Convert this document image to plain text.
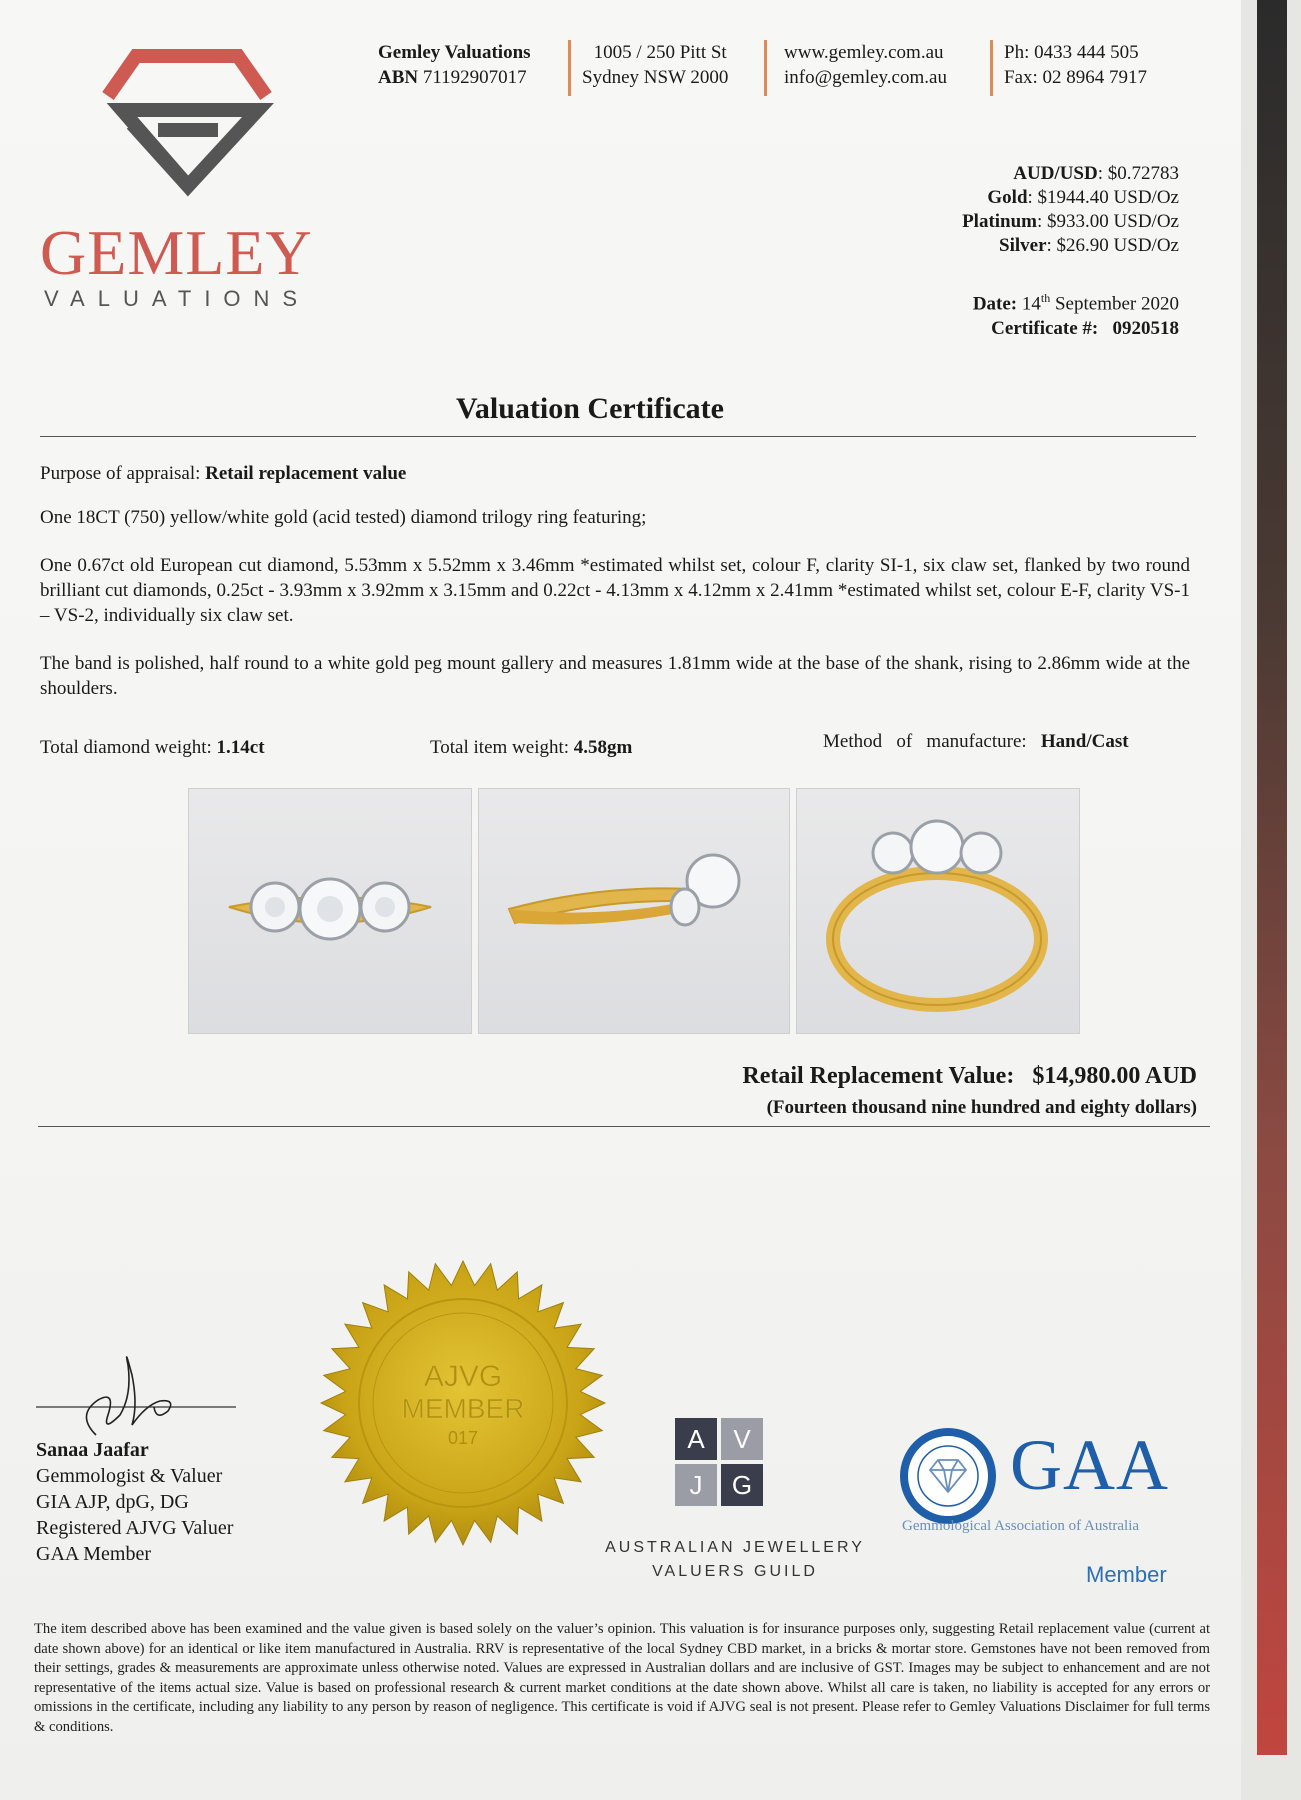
GEMLEY
VALUATIONS
Gemley Valuations
ABN 71192907017
1005 / 250 Pitt St
Sydney NSW 2000
www.gemley.com.au
info@gemley.com.au
Ph: 0433 444 505
Fax: 02 8964 7917
AUD/USD: $0.72783
Gold: $1944.40 USD/Oz
Platinum: $933.00 USD/Oz
Silver: $26.90 USD/Oz
Date: 14th September 2020
Certificate #: 0920518
Valuation Certificate
Purpose of appraisal: Retail replacement value
One 18CT (750) yellow/white gold (acid tested) diamond trilogy ring featuring;
One 0.67ct old European cut diamond, 5.53mm x 5.52mm x 3.46mm *estimated whilst set, colour F, clarity SI-1, six claw set, flanked by two round brilliant cut diamonds, 0.25ct - 3.93mm x 3.92mm x 3.15mm and 0.22ct - 4.13mm x 4.12mm x 2.41mm *estimated whilst set, colour E-F, clarity VS-1 – VS-2, individually six claw set.
The band is polished, half round to a white gold peg mount gallery and measures 1.81mm wide at the base of the shank, rising to 2.86mm wide at the shoulders.
Total diamond weight: 1.14ct	Total item weight: 4.58gm	Method   of   manufacture: Hand/Cast
Retail Replacement Value: $14,980.00 AUD
(Fourteen thousand nine hundred and eighty dollars)
Sanaa Jaafar
Gemmologist & Valuer
GIA AJP, dpG, DG
Registered AJVG Valuer
GAA Member
AJVG
MEMBER
017	A	V
J	G
AUSTRALIAN JEWELLERY
VALUERS GUILD
GAA
Gemmological Association of Australia
Member
The item described above has been examined and the value given is based solely on the valuer’s opinion. This valuation is for insurance purposes only, suggesting Retail replacement value (current at date shown above) for an identical or like item manufactured in Australia. RRV is representative of the local Sydney CBD market, in a bricks & mortar store. Gemstones have not been removed from their settings, grades & measurements are approximate unless otherwise noted. Values are expressed in Australian dollars and are inclusive of GST. Images may be subject to enhancement and are not representative of the items actual size. Value is based on professional research & current market conditions at the date shown above. Whilst all care is taken, no liability is accepted for any errors or omissions in the certificate, including any liability to any person by reason of negligence. This certificate is void if AJVG seal is not present. Please refer to Gemley Valuations Disclaimer for full terms & conditions.
